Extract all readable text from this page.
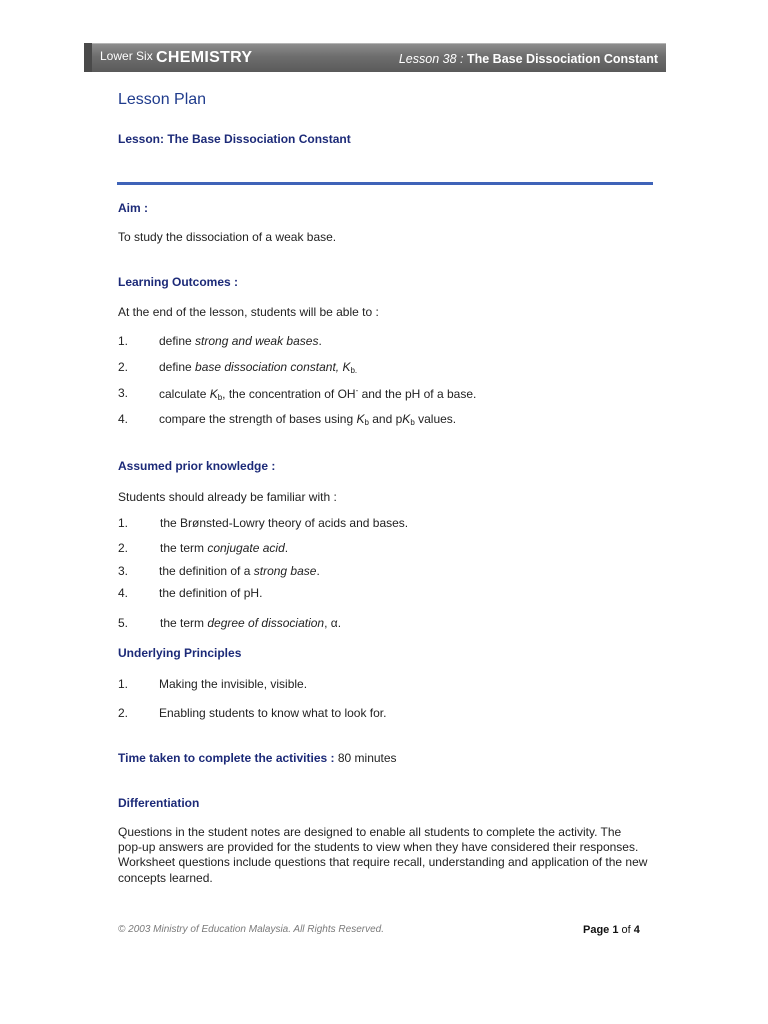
Lower Six CHEMISTRY	Lesson 38 : The Base Dissociation Constant
Lesson Plan
Lesson: The Base Dissociation Constant
Aim :
To study the dissociation of a weak base.
Learning Outcomes :
At the end of the lesson, students will be able to :
1.	define strong and weak bases.
2.	define base dissociation constant, $K_{b.}$
3.	calculate $K_b$, the concentration of OH- and the pH of a base.
4.	compare the strength of bases using $K_b$ and $pK_b$ values.
Assumed prior knowledge :
Students should already be familiar with :
1.	the Brønsted-Lowry theory of acids and bases.
2.	the term conjugate acid.
3.	the definition of a strong base.
4.	the definition of pH.
5.	the term degree of dissociation, α.
Underlying Principles
1.	Making the invisible, visible.
2.	Enabling students to know what to look for.
Time taken to complete the activities : 80 minutes
Differentiation
Questions in the student notes are designed to enable all students to complete the activity. The pop-up answers are provided for the students to view when they have considered their responses. Worksheet questions include questions that require recall, understanding and application of the new concepts learned.
© 2003 Ministry of Education Malaysia. All Rights Reserved.	Page 1 of 4
